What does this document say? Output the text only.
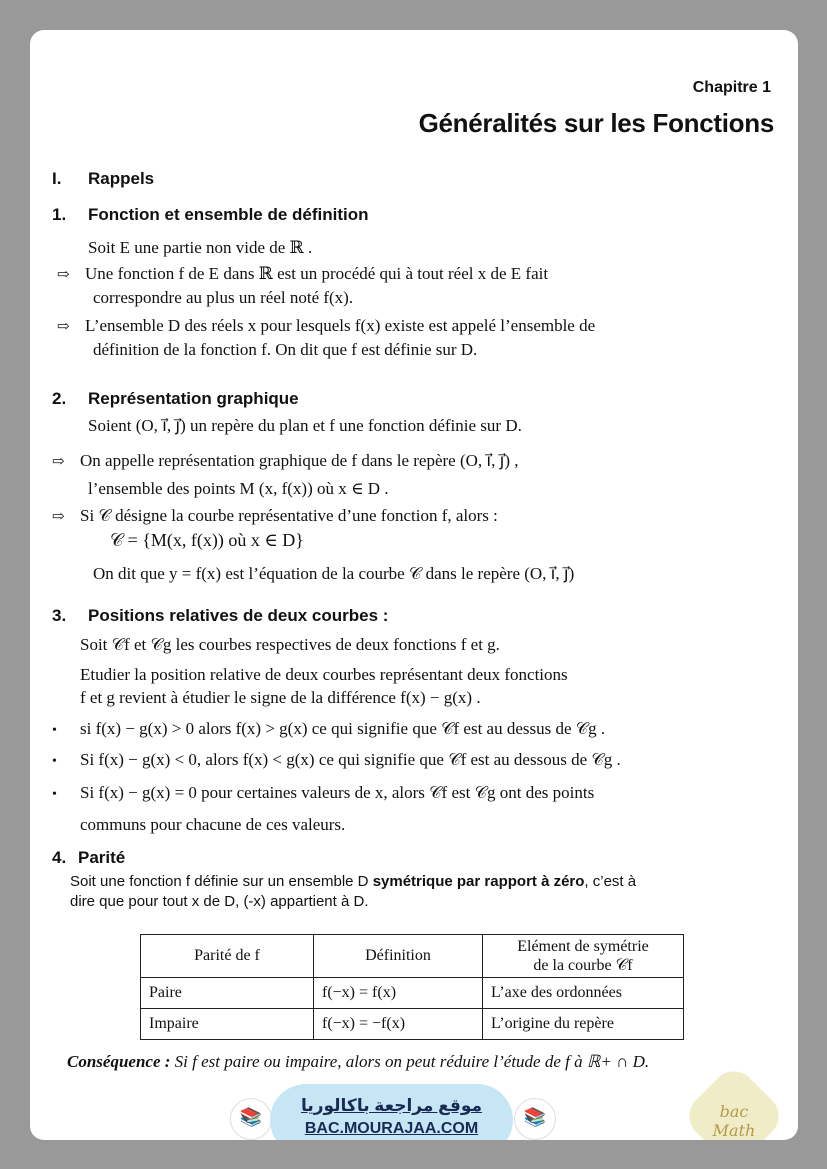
Chapitre 1
Généralités sur les Fonctions
I. Rappels
1. Fonction et ensemble de définition
Soit E une partie non vide de ℝ .
⇨ Une fonction f de E dans ℝ est un procédé qui à tout réel x de E fait
correspondre au plus un réel noté f(x).
⇨ L’ensemble D des réels x pour lesquels f(x) existe est appelé l’ensemble de
définition de la fonction f. On dit que f est définie sur D.
2. Représentation graphique
Soient (O, i⃗, j⃗) un repère du plan et f une fonction définie sur D.
⇨ On appelle représentation graphique de f dans le repère (O, i⃗, j⃗) ,
l’ensemble des points M (x, f(x)) où x ∈ D .
⇨ Si 𝒞 désigne la courbe représentative d’une fonction f, alors :
𝒞 = {M(x, f(x)) où x ∈ D}
On dit que y = f(x) est l’équation de la courbe 𝒞 dans le repère (O, i⃗, j⃗)
3. Positions relatives de deux courbes :
Soit 𝒞f et 𝒞g les courbes respectives de deux fonctions f et g.
Etudier la position relative de deux courbes représentant deux fonctions
f et g revient à étudier le signe de la différence f(x) − g(x) .
• si f(x) − g(x) > 0 alors f(x) > g(x) ce qui signifie que 𝒞f est au dessus de 𝒞g .
• Si f(x) − g(x) < 0, alors f(x) < g(x) ce qui signifie que 𝒞f est au dessous de 𝒞g .
• Si f(x) − g(x) = 0 pour certaines valeurs de x, alors 𝒞f est 𝒞g ont des points
communs pour chacune de ces valeurs.
4. Parité
Soit une fonction f définie sur un ensemble D symétrique par rapport à zéro, c’est à
dire que pour tout x de D, (-x) appartient à D.
Parité de f	Définition	Elément de symétrie
de la courbe 𝒞f
Paire	f(−x) = f(x)	L’axe des ordonnées
Impaire	f(−x) = −f(x)	L’origine du repère
Conséquence : Si f est paire ou impaire, alors on peut réduire l’étude de f à ℝ+ ∩ D.
📚
موقع مراجعة باكالوريا
BAC.MOURAJAA.COM
📚	bac Math
